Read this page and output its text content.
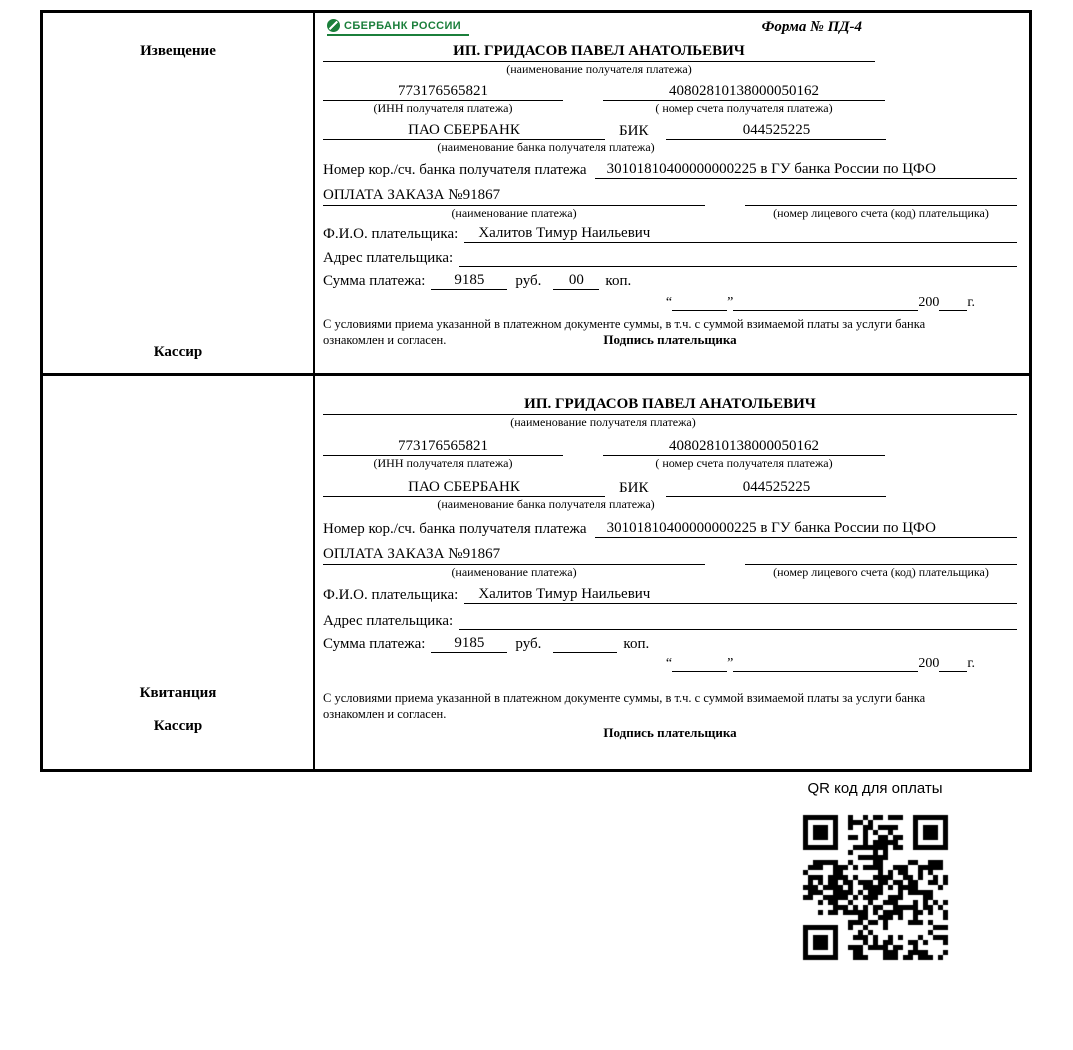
Извещение
Кассир
СБЕРБАНК РОССИИ	Форма № ПД-4
ИП. ГРИДАСОВ ПАВЕЛ АНАТОЛЬЕВИЧ
(наименование получателя платежа)
773176565821	40802810138000050162
(ИНН получателя платежа)	( номер счета получателя платежа)
ПАО СБЕРБАНК	БИК	044525225
(наименование банка получателя платежа)
Номер кор./сч. банка получателя платежа	30101810400000000225 в ГУ банка России по ЦФО
ОПЛАТА ЗАКАЗА №91867
(наименование платежа)	(номер лицевого счета (код) плательщика)
Ф.И.О. плательщика:	Халитов Тимур Наильевич
Адрес плательщика:
Сумма платежа:	9185	руб.	00	коп.
“	”	200 г.
С условиями приема указанной в платежном документе суммы, в т.ч. с суммой взимаемой платы за услуги банка ознакомлен и согласен.	Подпись плательщика
Квитанция
Кассир
ИП. ГРИДАСОВ ПАВЕЛ АНАТОЛЬЕВИЧ
(наименование получателя платежа)
773176565821	40802810138000050162
(ИНН получателя платежа)	( номер счета получателя платежа)
ПАО СБЕРБАНК	БИК	044525225
(наименование банка получателя платежа)
Номер кор./сч. банка получателя платежа	30101810400000000225 в ГУ банка России по ЦФО
ОПЛАТА ЗАКАЗА №91867
(наименование платежа)	(номер лицевого счета (код) плательщика)
Ф.И.О. плательщика:	Халитов Тимур Наильевич
Адрес плательщика:
Сумма платежа:	9185	руб.	коп.
“	”	200 г.
С условиями приема указанной в платежном документе суммы, в т.ч. с суммой взимаемой платы за услуги банка ознакомлен и согласен.
Подпись плательщика
QR код для оплаты
